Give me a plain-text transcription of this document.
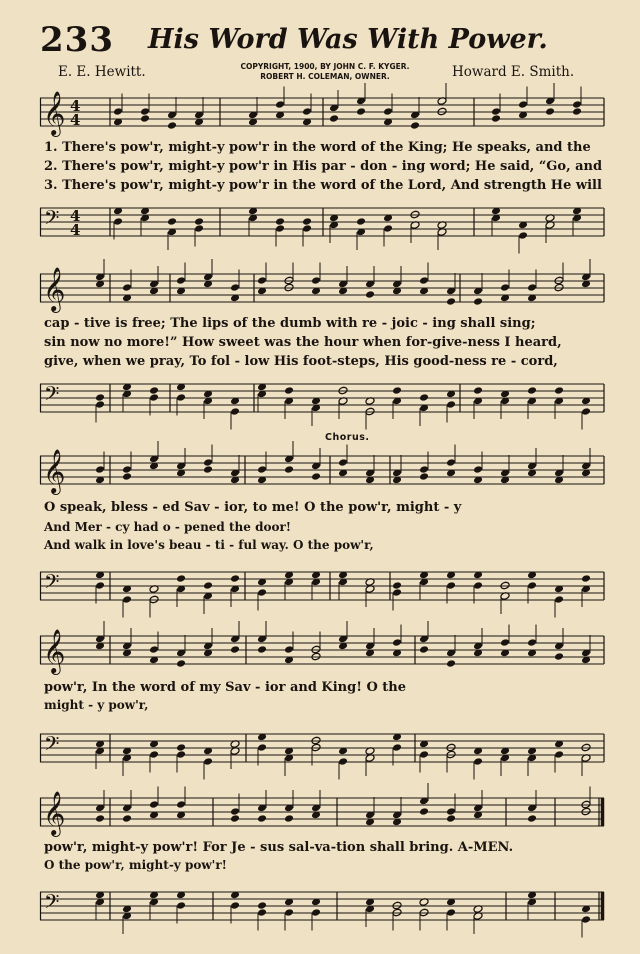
233 His Word Was With Power.
E. E. Hewitt.	COPYRIGHT, 1900, BY JOHN C. F. KYGER.
ROBERT H. COLEMAN, OWNER.	Howard E. Smith.
𝄞 4
4
1. There's pow'r, might-y pow'r in the word of the King; He speaks, and the
2. There's pow'r, might-y pow'r in His par - don - ing word; He said, “Go, and
3. There's pow'r, might-y pow'r in the word of the Lord, And strength He will
𝄢 4
4
𝄞
cap - tive is free; The lips of the dumb with re - joic - ing shall sing;
sin now no more!” How sweet was the hour when for-give-ness I heard,
give, when we pray, To fol - low His foot-steps, His good-ness re - cord,
𝄢
Chorus.
𝄞
O speak, bless - ed Sav - ior, to me! O the pow'r, might - y
And Mer - cy had o - pened the door!
And walk in love's beau - ti - ful way. O the pow'r,
𝄢
𝄞
pow'r, In the word of my Sav - ior and King! O the
might - y pow'r,
𝄢
𝄞
pow'r, might-y pow'r! For Je - sus sal-va-tion shall bring. A-MEN.
O the pow'r, might-y pow'r!
𝄢
